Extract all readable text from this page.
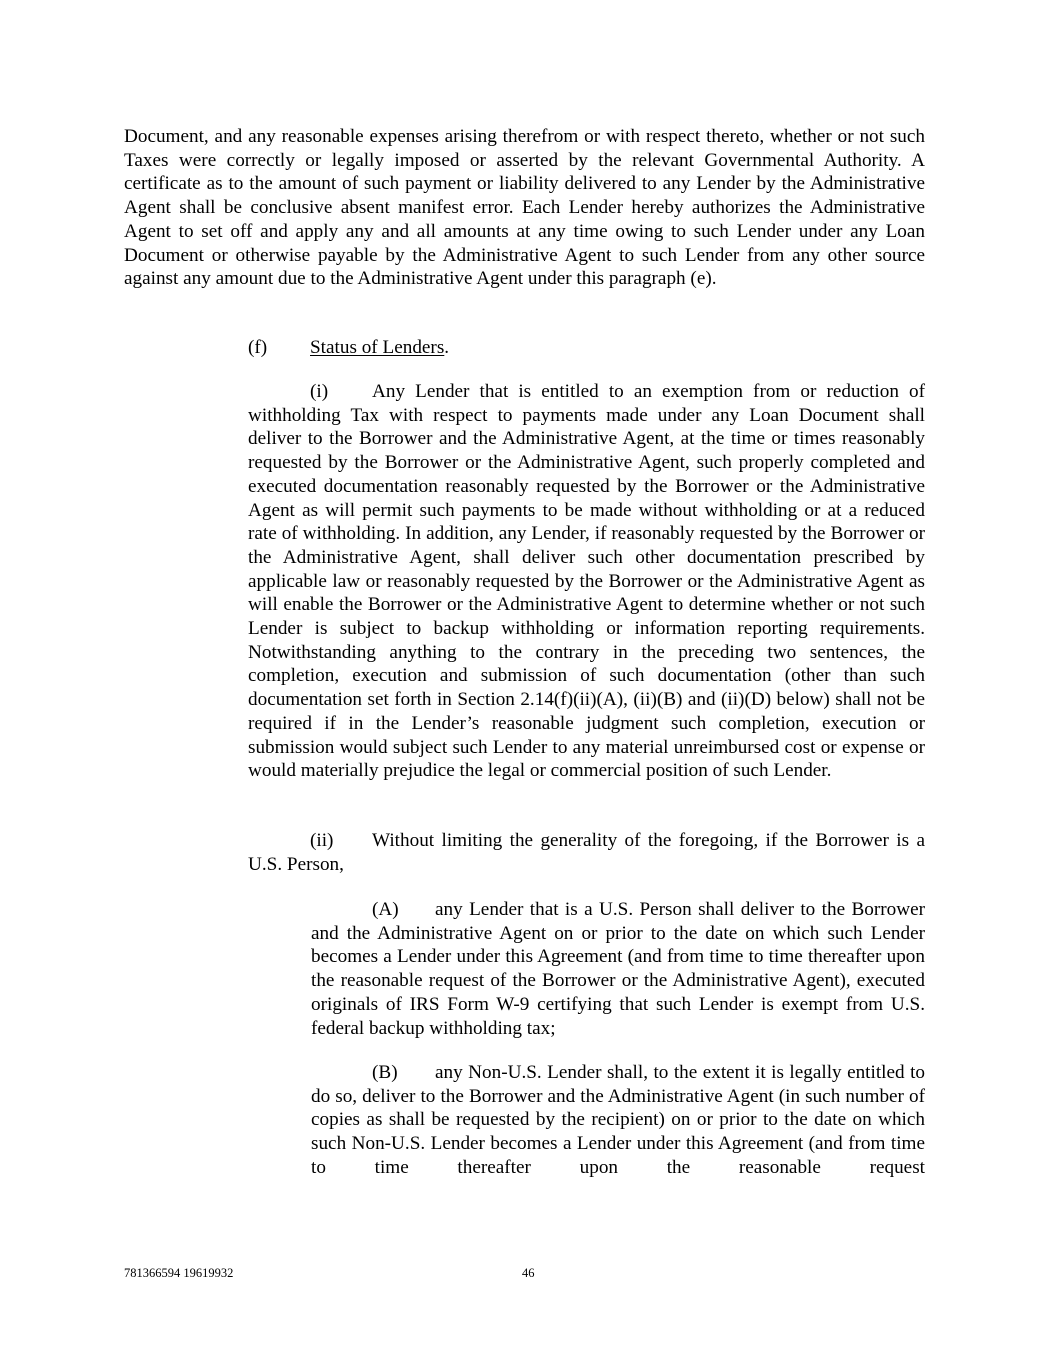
Document, and any reasonable expenses arising therefrom or with respect thereto, whether or not such Taxes were correctly or legally imposed or asserted by the relevant Governmental Authority. A certificate as to the amount of such payment or liability delivered to any Lender by the Administrative Agent shall be conclusive absent manifest error. Each Lender hereby authorizes the Administrative Agent to set off and apply any and all amounts at any time owing to such Lender under any Loan Document or otherwise payable by the Administrative Agent to such Lender from any other source against any amount due to the Administrative Agent under this paragraph (e).

(f) Status of Lenders.

(i) Any Lender that is entitled to an exemption from or reduction of withholding Tax with respect to payments made under any Loan Document shall deliver to the Borrower and the Administrative Agent, at the time or times reasonably requested by the Borrower or the Administrative Agent, such properly completed and executed documentation reasonably requested by the Borrower or the Administrative Agent as will permit such payments to be made without withholding or at a reduced rate of withholding. In addition, any Lender, if reasonably requested by the Borrower or the Administrative Agent, shall deliver such other documentation prescribed by applicable law or reasonably requested by the Borrower or the Administrative Agent as will enable the Borrower or the Administrative Agent to determine whether or not such Lender is subject to backup withholding or information reporting requirements. Notwithstanding anything to the contrary in the preceding two sentences, the completion, execution and submission of such documentation (other than such documentation set forth in Section 2.14(f)(ii)(A), (ii)(B) and (ii)(D) below) shall not be required if in the Lender’s reasonable judgment such completion, execution or submission would subject such Lender to any material unreimbursed cost or expense or would materially prejudice the legal or commercial position of such Lender.

(ii) Without limiting the generality of the foregoing, if the Borrower is a U.S. Person,

(A) any Lender that is a U.S. Person shall deliver to the Borrower and the Administrative Agent on or prior to the date on which such Lender becomes a Lender under this Agreement (and from time to time thereafter upon the reasonable request of the Borrower or the Administrative Agent), executed originals of IRS Form W-9 certifying that such Lender is exempt from U.S. federal backup withholding tax;

(B) any Non-U.S. Lender shall, to the extent it is legally entitled to do so, deliver to the Borrower and the Administrative Agent (in such number of copies as shall be requested by the recipient) on or prior to the date on which such Non-U.S. Lender becomes a Lender under this Agreement (and from time to time thereafter upon the reasonable request

781366594 19619932	46
